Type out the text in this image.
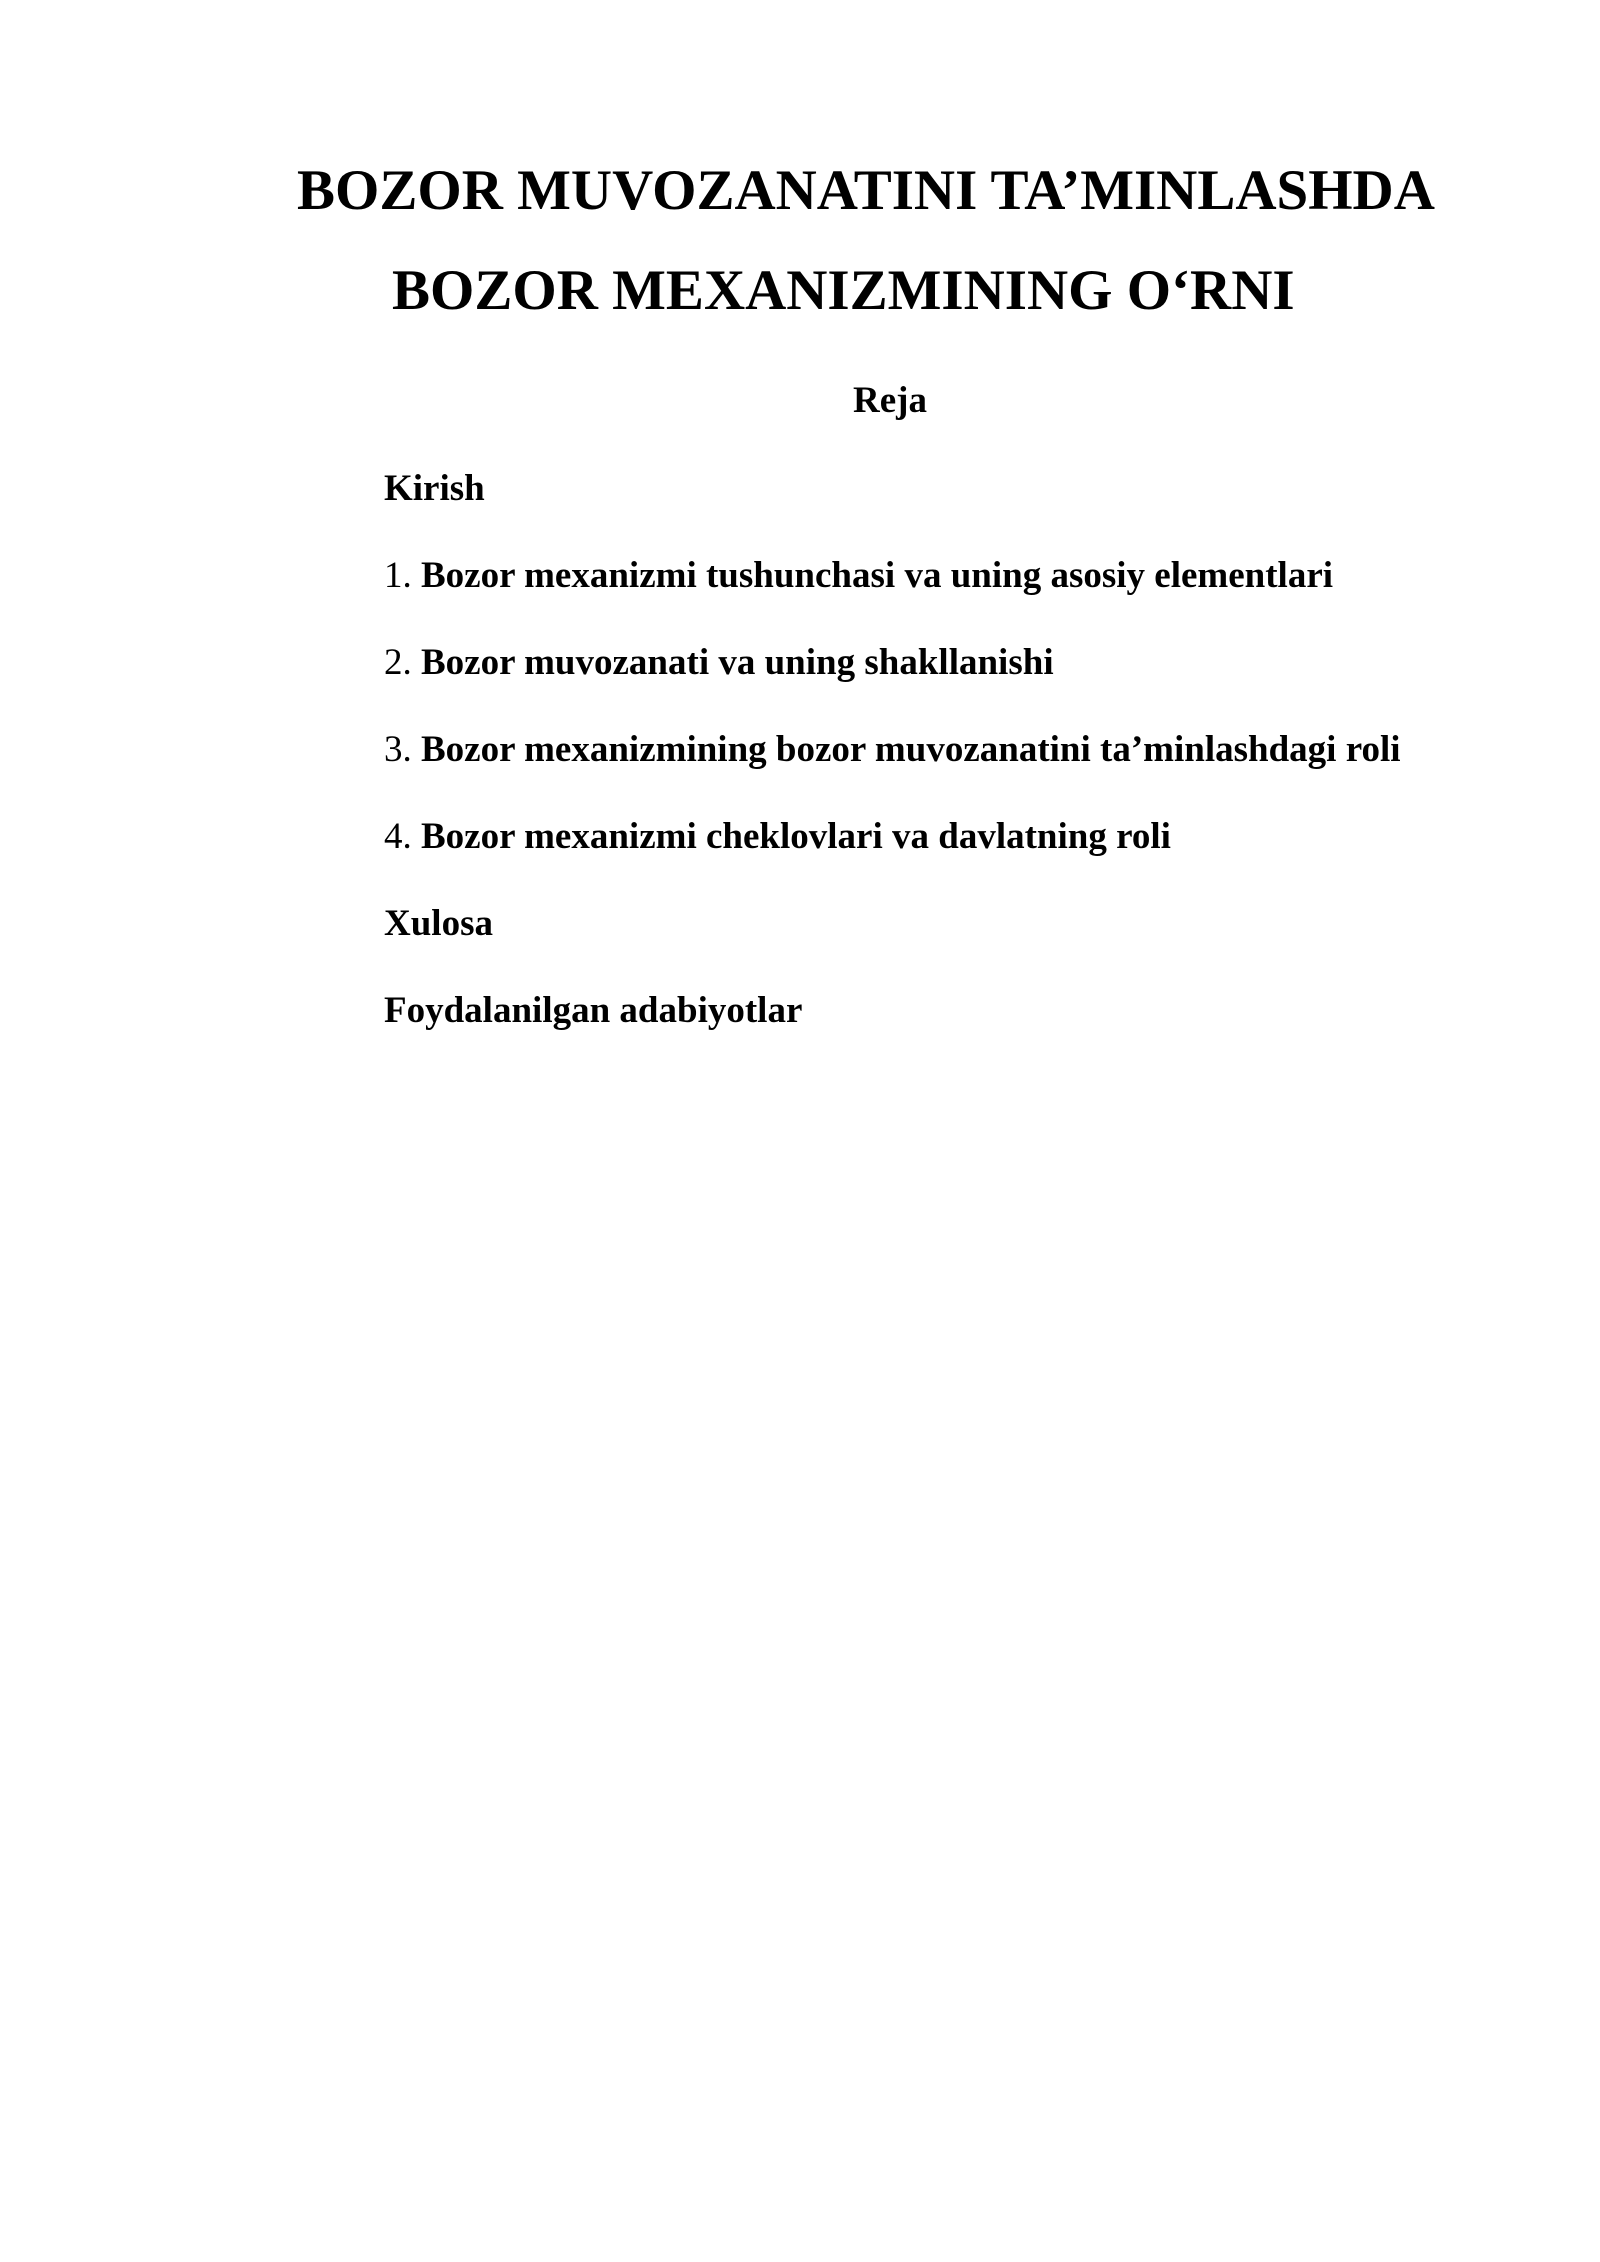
BOZOR MUVOZANATINI TA’MINLASHDA
BOZOR MEXANIZMINING O‘RNI
Reja
Kirish
1. Bozor mexanizmi tushunchasi va uning asosiy elementlari
2. Bozor muvozanati va uning shakllanishi
3. Bozor mexanizmining bozor muvozanatini ta’minlashdagi roli
4. Bozor mexanizmi cheklovlari va davlatning roli
Xulosa
Foydalanilgan adabiyotlar
